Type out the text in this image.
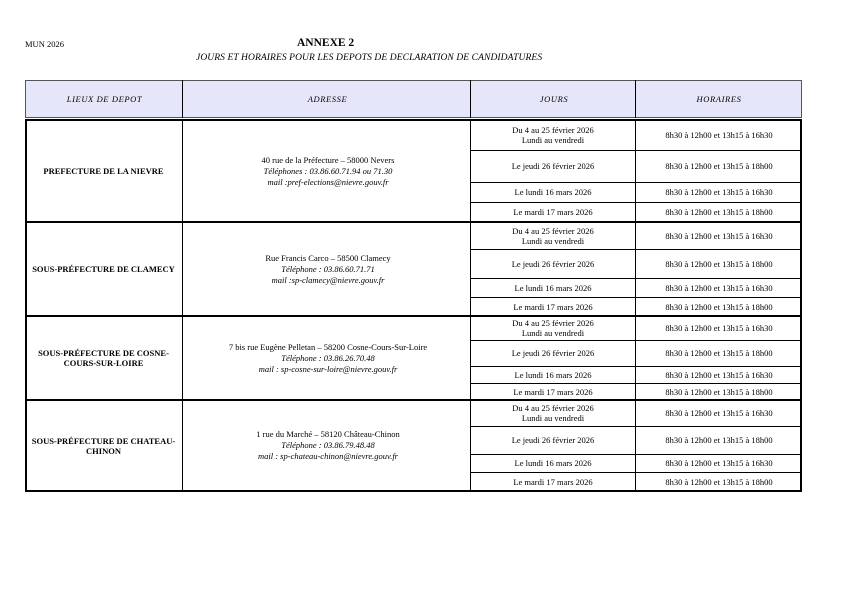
MUN 2026	ANNEXE 2
JOURS ET HORAIRES POUR LES DEPOTS DE DECLARATION DE CANDIDATURES
LIEUX DE DEPOT	ADRESSE	JOURS	HORAIRES
PREFECTURE DE LA NIEVRE
40 rue de la Préfecture – 58000 Nevers
Téléphones : 03.86.60.71.94 ou 71.30
mail :pref-elections@nievre.gouv.fr
Du 4 au 25 février 2026
Lundi au vendredi	8h30 à 12h00 et 13h15 à 16h30
Le jeudi 26 février 2026	8h30 à 12h00 et 13h15 à 18h00
Le lundi 16 mars 2026	8h30 à 12h00 et 13h15 à 16h30
Le mardi 17 mars 2026	8h30 à 12h00 et 13h15 à 18h00
SOUS-PRÉFECTURE DE CLAMECY
Rue Francis Carco – 58500 Clamecy
Téléphone : 03.86.60.71.71
mail :sp-clamecy@nievre.gouv.fr
Du 4 au 25 février 2026
Lundi au vendredi	8h30 à 12h00 et 13h15 à 16h30
Le jeudi 26 février 2026	8h30 à 12h00 et 13h15 à 18h00
Le lundi 16 mars 2026	8h30 à 12h00 et 13h15 à 16h30
Le mardi 17 mars 2026	8h30 à 12h00 et 13h15 à 18h00
SOUS-PRÉFECTURE DE COSNE-COURS-SUR-LOIRE
7 bis rue Eugène Pelletan – 58200 Cosne-Cours-Sur-Loire
Téléphone : 03.86.26.70.48
mail : sp-cosne-sur-loire@nievre.gouv.fr
Du 4 au 25 février 2026
Lundi au vendredi	8h30 à 12h00 et 13h15 à 16h30
Le jeudi 26 février 2026	8h30 à 12h00 et 13h15 à 18h00
Le lundi 16 mars 2026	8h30 à 12h00 et 13h15 à 16h30
Le mardi 17 mars 2026	8h30 à 12h00 et 13h15 à 18h00
SOUS-PRÉFECTURE DE CHATEAU-CHINON
1 rue du Marché – 58120 Château-Chinon
Téléphone : 03.86.79.48.48
mail : sp-chateau-chinon@nievre.gouv.fr
Du 4 au 25 février 2026
Lundi au vendredi	8h30 à 12h00 et 13h15 à 16h30
Le jeudi 26 février 2026	8h30 à 12h00 et 13h15 à 18h00
Le lundi 16 mars 2026	8h30 à 12h00 et 13h15 à 16h30
Le mardi 17 mars 2026	8h30 à 12h00 et 13h15 à 18h00
